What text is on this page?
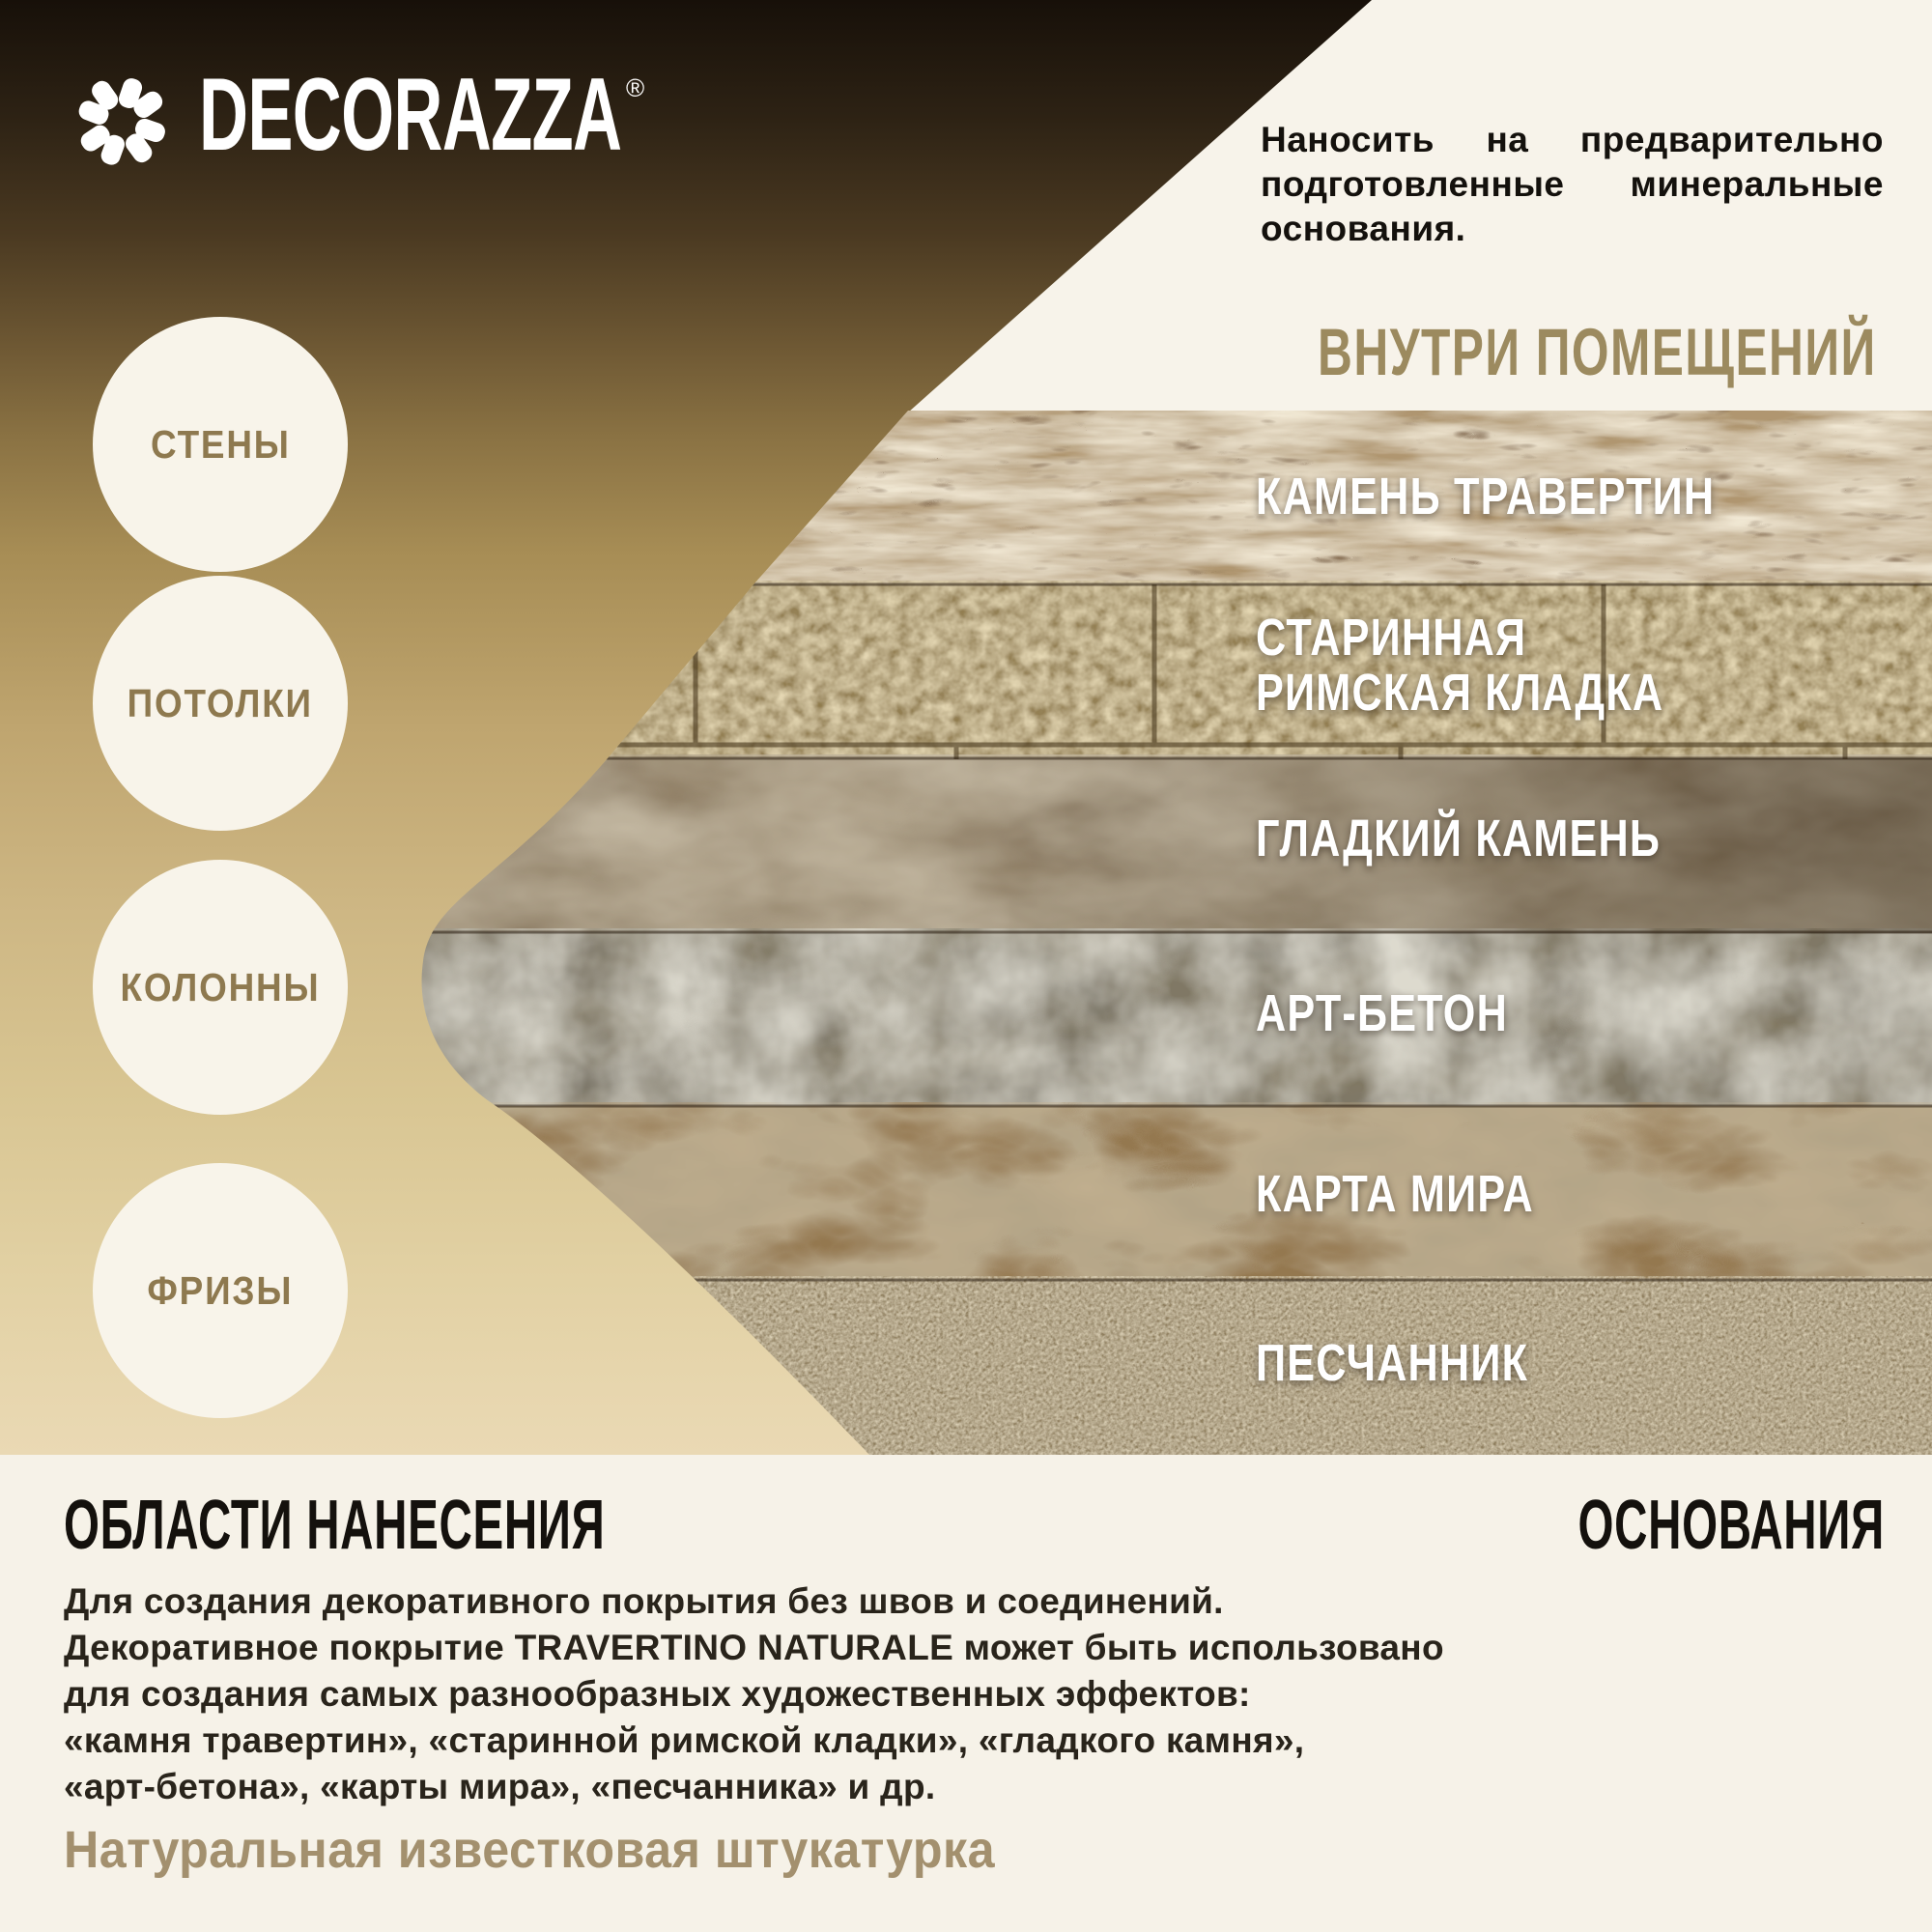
DECORAZZA ®
Наносить на предварительно
подготовленные минеральные
основания.
ВНУТРИ ПОМЕЩЕНИЙ
СТЕНЫ
ПОТОЛКИ
КОЛОННЫ
ФРИЗЫ
КАМЕНЬ ТРАВЕРТИН
СТАРИННАЯ
РИМСКАЯ КЛАДКА
ГЛАДКИЙ КАМЕНЬ
АРТ-БЕТОН
КАРТА МИРА
ПЕСЧАННИК
ОБЛАСТИ НАНЕСЕНИЯ	ОСНОВАНИЯ
Для создания декоративного покрытия без швов и соединений.
Декоративное покрытие TRAVERTINO NATURALE может быть использовано
для создания самых разнообразных художественных эффектов:
«камня травертин», «старинной римской кладки», «гладкого камня»,
«арт-бетона», «карты мира», «песчанника» и др.
Натуральная известковая штукатурка
